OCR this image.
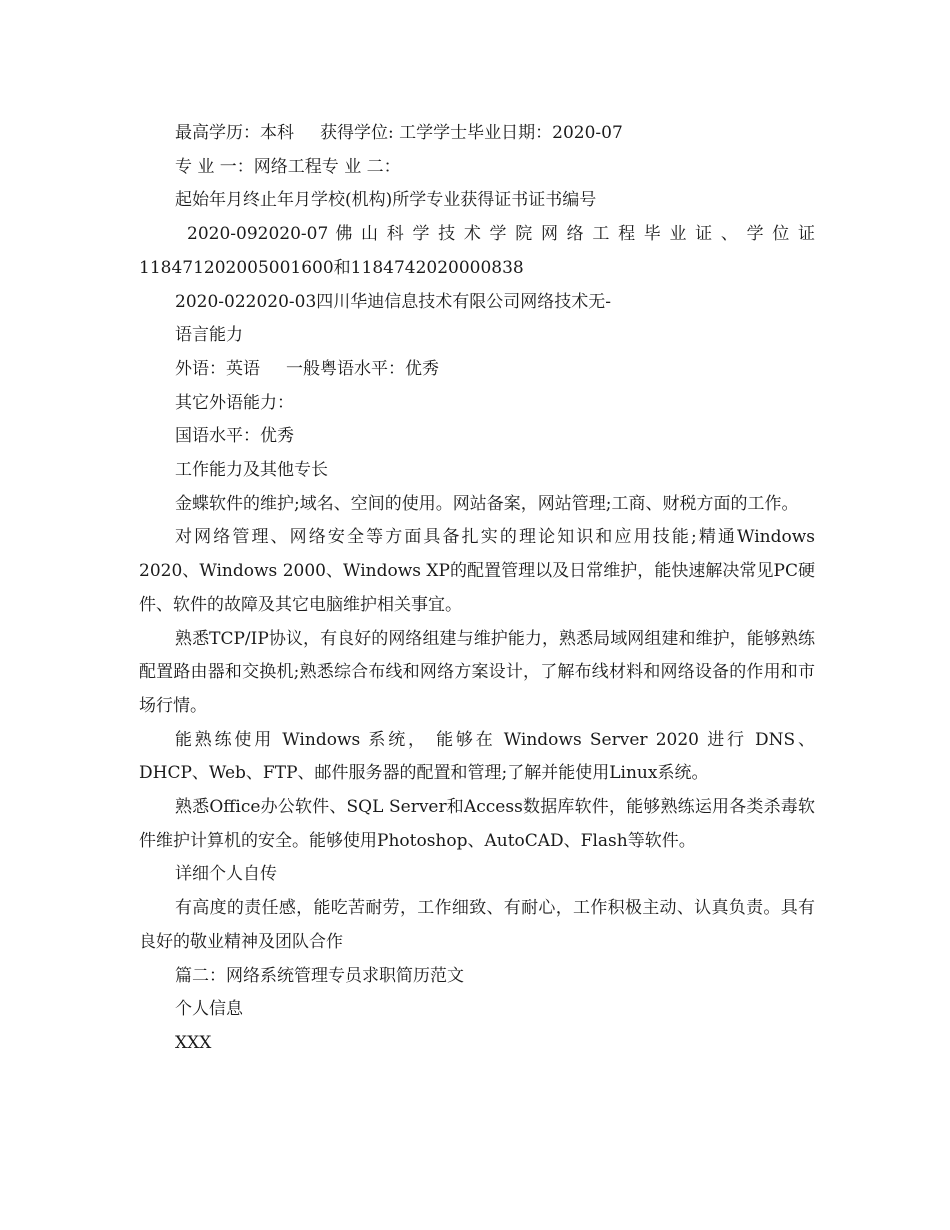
最高学历：本科 获得学位: 工学学士毕业日期：2020-07

专 业 一：网络工程专 业 二：

起始年月终止年月学校(机构)所学专业获得证书证书编号

2020-092020-07 佛 山 科 学 技 术 学 院 网 络 工 程 毕 业 证 、 学 位 证

118471202005001600和1184742020000838

2020-022020-03四川华迪信息技术有限公司网络技术无-

语言能力

外语：英语 一般粤语水平：优秀

其它外语能力：

国语水平：优秀

工作能力及其他专长

金蝶软件的维护;域名、空间的使用。网站备案，网站管理;工商、财税方面的工作。

对网络管理、网络安全等方面具备扎实的理论知识和应用技能;精通Windows 2020、Windows 2000、Windows XP的配置管理以及日常维护，能快速解决常见PC硬件、软件的故障及其它电脑维护相关事宜。

熟悉TCP/IP协议，有良好的网络组建与维护能力，熟悉局域网组建和维护，能够熟练配置路由器和交换机;熟悉综合布线和网络方案设计，了解布线材料和网络设备的作用和市场行情。

能熟练使用 Windows 系统， 能够在 Windows Server 2020 进行 DNS、DHCP、Web、FTP、邮件服务器的配置和管理;了解并能使用Linux系统。

熟悉Office办公软件、SQL Server和Access数据库软件，能够熟练运用各类杀毒软件维护计算机的安全。能够使用Photoshop、AutoCAD、Flash等软件。

详细个人自传

有高度的责任感，能吃苦耐劳，工作细致、有耐心，工作积极主动、认真负责。具有良好的敬业精神及团队合作

篇二：网络系统管理专员求职简历范文

个人信息

XXX
